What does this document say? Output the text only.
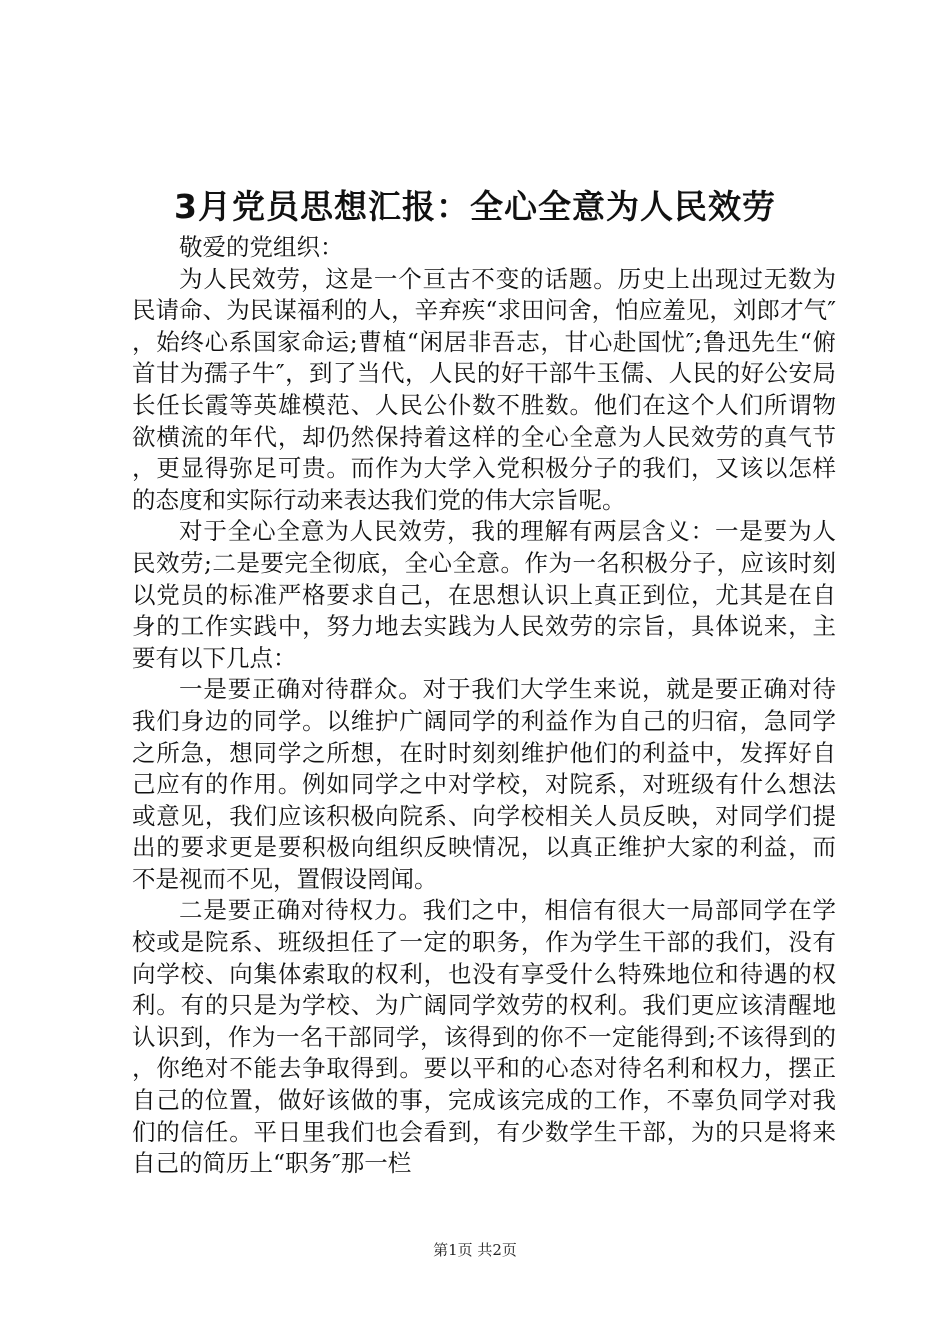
3月党员思想汇报：全心全意为人民效劳

敬爱的党组织：

为人民效劳，这是一个亘古不变的话题。历史上出现过无数为民请命、为民谋福利的人，辛弃疾“求田问舍，怕应羞见，刘郎才气″，始终心系国家命运;曹植“闲居非吾志，甘心赴国忧″;鲁迅先生“俯首甘为孺子牛″，到了当代，人民的好干部牛玉儒、人民的好公安局长任长霞等英雄模范、人民公仆数不胜数。他们在这个人们所谓物欲横流的年代，却仍然保持着这样的全心全意为人民效劳的真气节，更显得弥足可贵。而作为大学入党积极分子的我们，又该以怎样的态度和实际行动来表达我们党的伟大宗旨呢。

对于全心全意为人民效劳，我的理解有两层含义：一是要为人民效劳;二是要完全彻底，全心全意。作为一名积极分子，应该时刻以党员的标准严格要求自己，在思想认识上真正到位，尤其是在自身的工作实践中，努力地去实践为人民效劳的宗旨，具体说来，主要有以下几点：

一是要正确对待群众。对于我们大学生来说，就是要正确对待我们身边的同学。以维护广阔同学的利益作为自己的归宿，急同学之所急，想同学之所想，在时时刻刻维护他们的利益中，发挥好自己应有的作用。例如同学之中对学校，对院系，对班级有什么想法或意见，我们应该积极向院系、向学校相关人员反映，对同学们提出的要求更是要积极向组织反映情况，以真正维护大家的利益，而不是视而不见，置假设罔闻。

二是要正确对待权力。我们之中，相信有很大一局部同学在学校或是院系、班级担任了一定的职务，作为学生干部的我们，没有向学校、向集体索取的权利，也没有享受什么特殊地位和待遇的权利。有的只是为学校、为广阔同学效劳的权利。我们更应该清醒地认识到，作为一名干部同学，该得到的你不一定能得到;不该得到的，你绝对不能去争取得到。要以平和的心态对待名利和权力，摆正自己的位置，做好该做的事，完成该完成的工作，不辜负同学对我们的信任。平日里我们也会看到，有少数学生干部，为的只是将来自己的简历上“职务″那一栏

第1页 共2页
